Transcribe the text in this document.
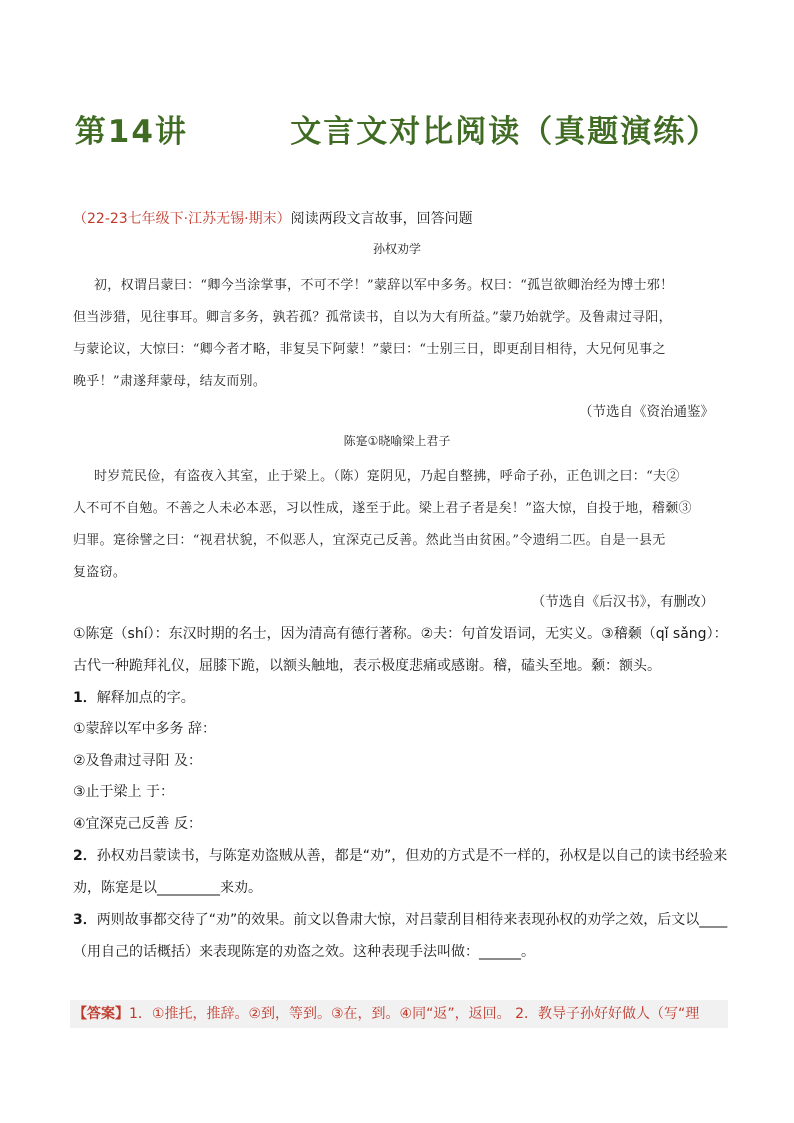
第14讲        文言文对比阅读（真题演练）
（22-23七年级下·江苏无锡·期末）阅读两段文言故事，回答问题
孙权劝学
初，权谓吕蒙曰：“卿今当涂掌事，不可不学！”蒙辞以军中多务。权曰：“孤岂欲卿治经为博士邪！
但当涉猎，见往事耳。卿言多务，孰若孤？孤常读书，自以为大有所益。”蒙乃始就学。及鲁肃过寻阳，
与蒙论议，大惊曰：“卿今者才略，非复吴下阿蒙！”蒙曰：“士别三日，即更刮目相待，大兄何见事之
晚乎！”肃遂拜蒙母，结友而别。
（节选自《资治通鉴》
陈寔①晓喻梁上君子
时岁荒民俭，有盗夜入其室，止于梁上。（陈）寔阴见，乃起自整拂，呼命子孙，正色训之曰：“夫②
人不可不自勉。不善之人未必本恶，习以性成，遂至于此。梁上君子者是矣！”盗大惊，自投于地，稽颡③
归罪。寔徐譬之曰：“视君状貌，不似恶人，宜深克己反善。然此当由贫困。”令遗绢二匹。自是一县无
复盗窃。
（节选自《后汉书》，有删改）
①陈寔（shí）：东汉时期的名士，因为清高有德行著称。②夫：句首发语词，无实义。③稽颡（qǐ sǎng）：
古代一种跪拜礼仪，屈膝下跪，以额头触地，表示极度悲痛或感谢。稽，磕头至地。颡：额头。
1．解释加点的字。
①蒙辞以军中多务 辞：
②及鲁肃过寻阳 及：
③止于梁上 于：
④宜深克己反善 反：
2．孙权劝吕蒙读书，与陈寔劝盗贼从善，都是“劝”，但劝的方式是不一样的，孙权是以自己的读书经验来
劝，陈寔是以_________来劝。
3．两则故事都交待了“劝”的效果。前文以鲁肃大惊，对吕蒙刮目相待来表现孙权的劝学之效，后文以____
（用自己的话概括）来表现陈寔的劝盗之效。这种表现手法叫做：______。
【答案】1．①推托，推辞。②到，等到。③在，到。④同“返”，返回。 2．教导子孙好好做人（写“理
